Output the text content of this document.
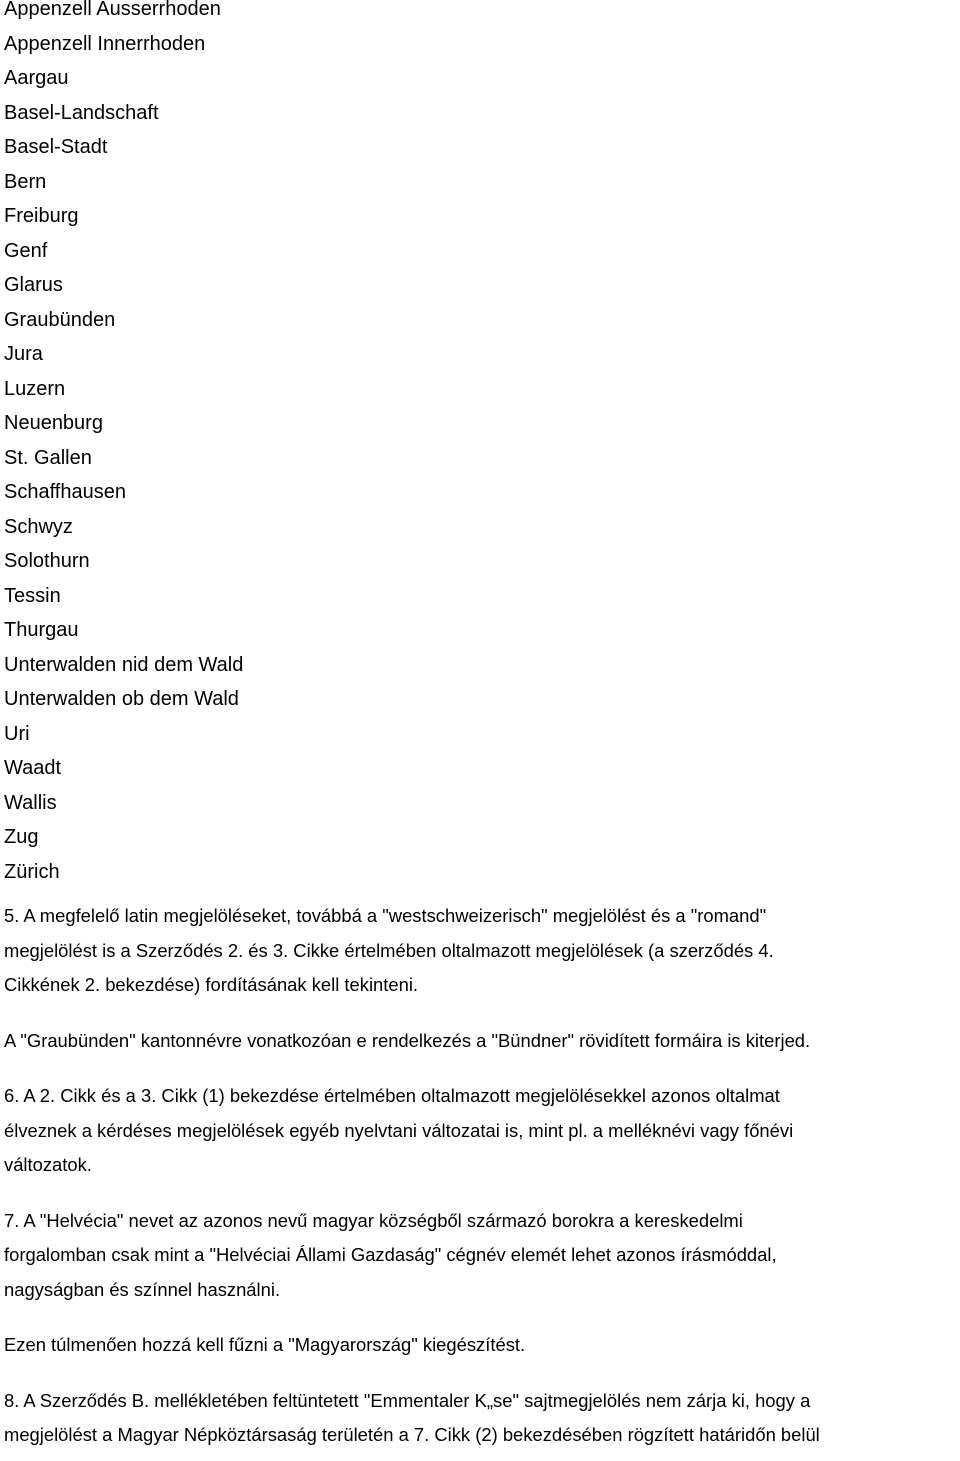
Appenzell Ausserrhoden
Appenzell Innerrhoden
Aargau
Basel-Landschaft
Basel-Stadt
Bern
Freiburg
Genf
Glarus
Graubünden
Jura
Luzern
Neuenburg
St. Gallen
Schaffhausen
Schwyz
Solothurn
Tessin
Thurgau
Unterwalden nid dem Wald
Unterwalden ob dem Wald
Uri
Waadt
Wallis
Zug
Zürich

5. A megfelelő latin megjelöléseket, továbbá a "westschweizerisch" megjelölést és a "romand"

megjelölést is a Szerződés 2. és 3. Cikke értelmében oltalmazott megjelölések (a szerződés 4.

Cikkének 2. bekezdése) fordításának kell tekinteni.

A "Graubünden" kantonnévre vonatkozóan e rendelkezés a "Bündner" rövidített formáira is kiterjed.

6. A 2. Cikk és a 3. Cikk (1) bekezdése értelmében oltalmazott megjelölésekkel azonos oltalmat

élveznek a kérdéses megjelölések egyéb nyelvtani változatai is, mint pl. a melléknévi vagy főnévi

változatok.

7. A "Helvécia" nevet az azonos nevű magyar községből származó borokra a kereskedelmi

forgalomban csak mint a "Helvéciai Állami Gazdaság" cégnév elemét lehet azonos írásmóddal,

nagyságban és színnel használni.

Ezen túlmenően hozzá kell fűzni a "Magyarország" kiegészítést.

8. A Szerződés B. mellékletében feltüntetett "Emmentaler K„se" sajtmegjelölés nem zárja ki, hogy a

megjelölést a Magyar Népköztársaság területén a 7. Cikk (2) bekezdésében rögzített határidőn belül
